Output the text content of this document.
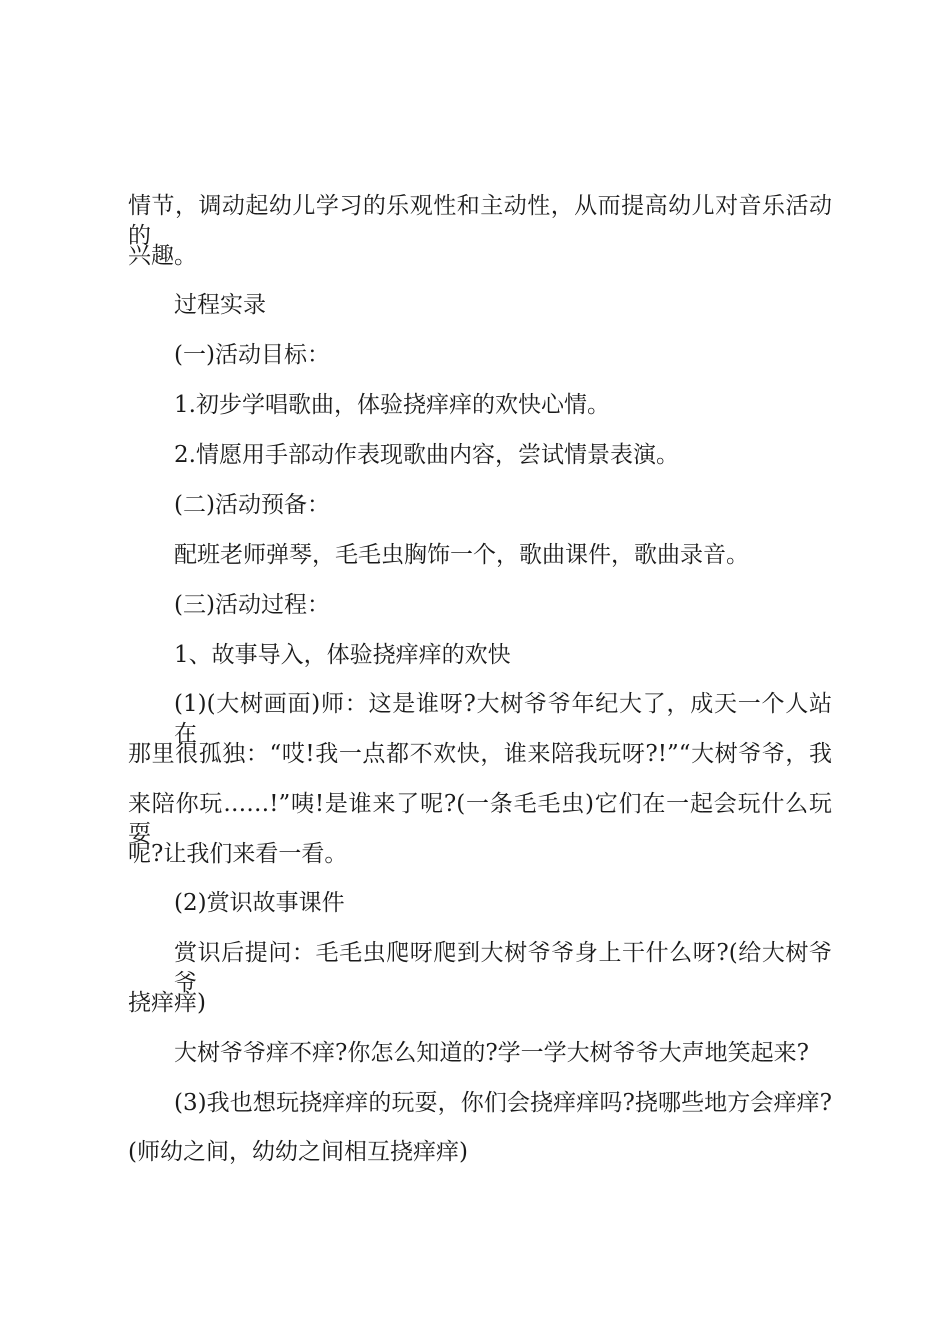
情节，调动起幼儿学习的乐观性和主动性，从而提高幼儿对音乐活动的
兴趣。
过程实录
(一)活动目标：
1.初步学唱歌曲，体验挠痒痒的欢快心情。
2.情愿用手部动作表现歌曲内容，尝试情景表演。
(二)活动预备：
配班老师弹琴，毛毛虫胸饰一个，歌曲课件，歌曲录音。
(三)活动过程：
1、故事导入，体验挠痒痒的欢快
(1)(大树画面)师：这是谁呀?大树爷爷年纪大了，成天一个人站在
那里很孤独：“哎!我一点都不欢快，谁来陪我玩呀?!”“大树爷爷，我
来陪你玩……!”咦!是谁来了呢?(一条毛毛虫)它们在一起会玩什么玩耍
呢?让我们来看一看。
(2)赏识故事课件
赏识后提问：毛毛虫爬呀爬到大树爷爷身上干什么呀?(给大树爷爷
挠痒痒)
大树爷爷痒不痒?你怎么知道的?学一学大树爷爷大声地笑起来?
(3)我也想玩挠痒痒的玩耍，你们会挠痒痒吗?挠哪些地方会痒痒?
(师幼之间，幼幼之间相互挠痒痒)
